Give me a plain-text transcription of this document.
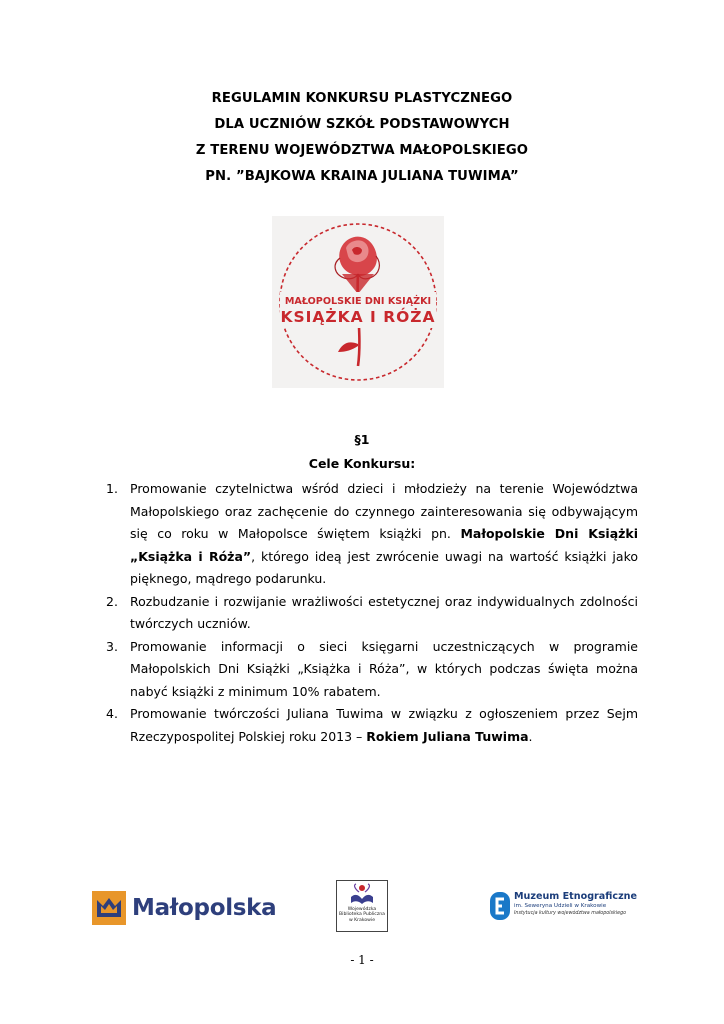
REGULAMIN KONKURSU PLASTYCZNEGO
DLA UCZNIÓW SZKÓŁ PODSTAWOWYCH
Z TERENU WOJEWÓDZTWA MAŁOPOLSKIEGO
PN. ”BAJKOWA KRAINA JULIANA TUWIMA”
MAŁOPOLSKIE DNI KSIĄŻKI
KSIĄŻKA I RÓŻA
§1
Cele Konkursu:
1. Promowanie czytelnictwa wśród dzieci i młodzieży na terenie Województwa Małopolskiego oraz zachęcenie do czynnego zainteresowania się odbywającym się co roku w Małopolsce świętem książki pn. Małopolskie Dni Książki „Książka i Róża”, którego ideą jest zwrócenie uwagi na wartość książki jako pięknego, mądrego podarunku.
2. Rozbudzanie i rozwijanie wrażliwości estetycznej oraz indywidualnych zdolności twórczych uczniów.
3. Promowanie informacji o sieci księgarni uczestniczących w programie Małopolskich Dni Książki „Książka i Róża”, w których podczas święta można nabyć książki z minimum 10% rabatem.
4. Promowanie twórczości Juliana Tuwima w związku z ogłoszeniem przez Sejm Rzeczypospolitej Polskiej roku 2013 – Rokiem Juliana Tuwima.
Małopolska	Wojewódzka
Biblioteka Publiczna
w Krakowie
Muzeum Etnograficzne
im. Seweryna Udzieli w Krakowie
Instytucja kultury województwa małopolskiego
- 1 -
